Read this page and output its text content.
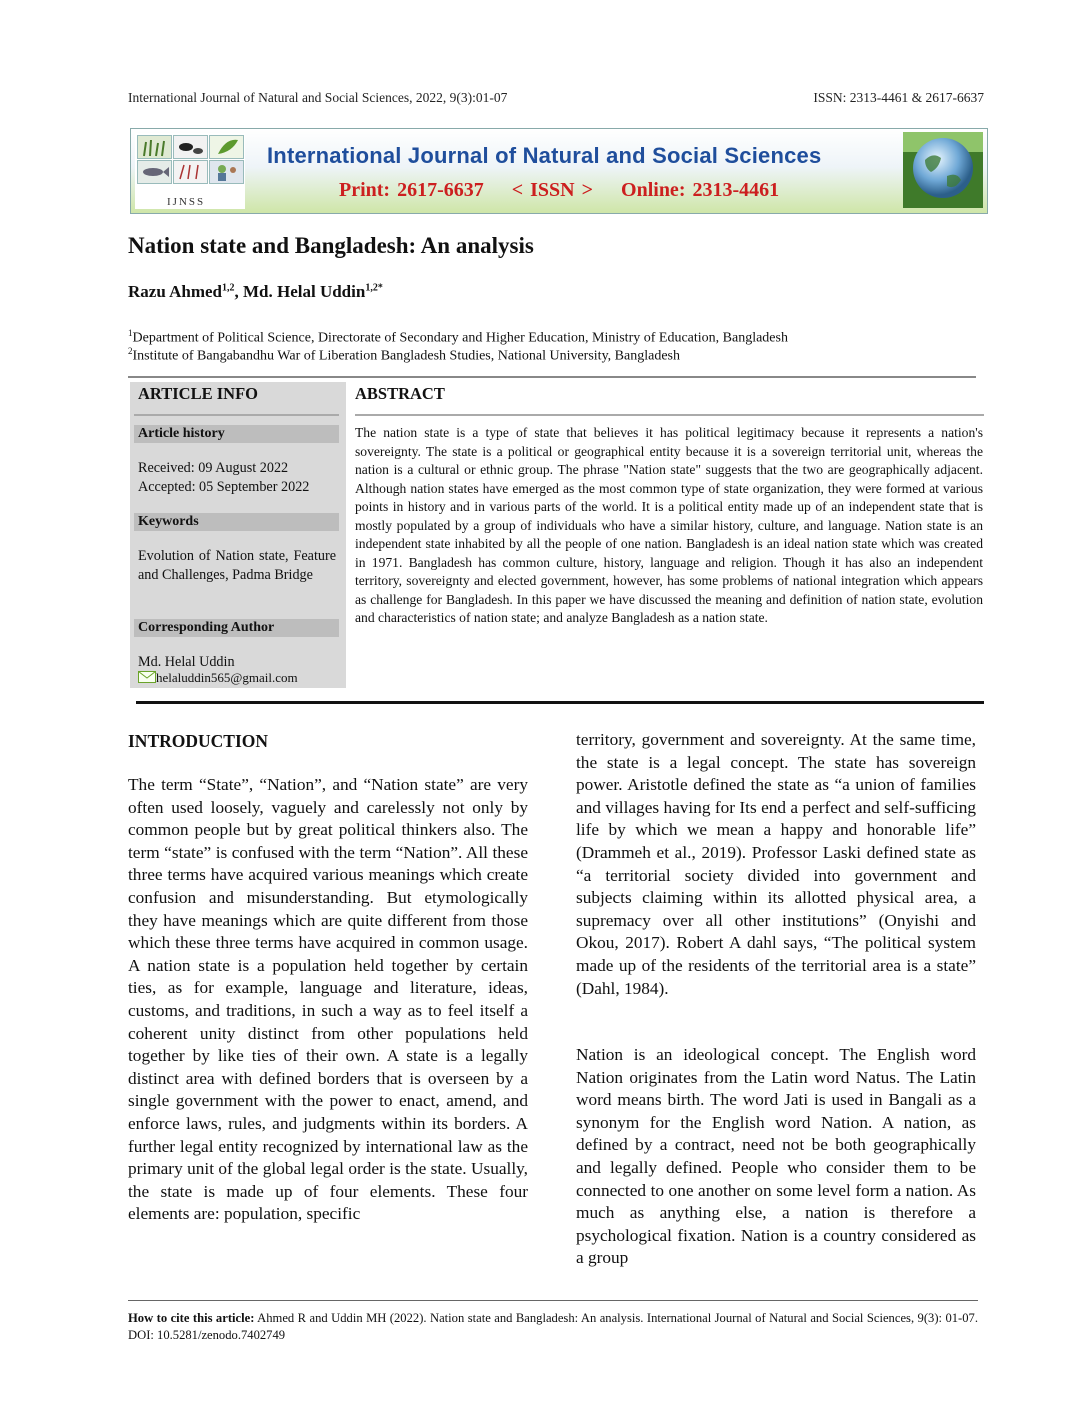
International Journal of Natural and Social Sciences, 2022, 9(3):01-07	ISSN: 2313-4461 & 2617-6637
IJNSS
International Journal of Natural and Social Sciences
Print: 2617-6637    < ISSN >    Online: 2313-4461
Nation state and Bangladesh: An analysis
Razu Ahmed$^{1,2}$, Md. Helal Uddin$^{1,2*}$
$^1$Department of Political Science, Directorate of Secondary and Higher Education, Ministry of Education, Bangladesh
$^2$Institute of Bangabandhu War of Liberation Bangladesh Studies, National University, Bangladesh
ARTICLE INFO
Article history
Received: 09 August 2022
Accepted: 05 September 2022
Keywords
Evolution of Nation state, Feature and Challenges, Padma Bridge
Corresponding Author
Md. Helal Uddin
helaluddin565@gmail.com
ABSTRACT
The nation state is a type of state that believes it has political legitimacy because it represents a nation's sovereignty. The state is a political or geographical entity because it is a sovereign territorial unit, whereas the nation is a cultural or ethnic group. The phrase "Nation state" suggests that the two are geographically adjacent. Although nation states have emerged as the most common type of state organization, they were formed at various points in history and in various parts of the world. It is a political entity made up of an independent state that is mostly populated by a group of individuals who have a similar history, culture, and language. Nation state is an independent state inhabited by all the people of one nation. Bangladesh is an ideal nation state which was created in 1971. Bangladesh has common culture, history, language and religion. Though it has also an independent territory, sovereignty and elected government, however, has some problems of national integration which appears as challenge for Bangladesh. In this paper we have discussed the meaning and definition of nation state, evolution and characteristics of nation state; and analyze Bangladesh as a nation state.
INTRODUCTION
The term “State”, “Nation”, and “Nation state” are very often used loosely, vaguely and carelessly not only by common people but by great political thinkers also. The term “state” is confused with the term “Nation”. All these three terms have acquired various meanings which create confusion and misunderstanding. But etymologically they have meanings which are quite different from those which these three terms have acquired in common usage. A nation state is a population held together by certain ties, as for example, language and literature, ideas, customs, and traditions, in such a way as to feel itself a coherent unity distinct from other populations held together by like ties of their own. A state is a legally distinct area with defined borders that is overseen by a single government with the power to enact, amend, and enforce laws, rules, and judgments within its borders. A further legal entity recognized by international law as the primary unit of the global legal order is the state. Usually, the state is made up of four elements. These four elements are: population, specific
territory, government and sovereignty. At the same time, the state is a legal concept. The state has sovereign power. Aristotle defined the state as “a union of families and villages having for Its end a perfect and self-sufficing life by which we mean a happy and honorable life” (Drammeh et al., 2019). Professor Laski defined state as “a territorial society divided into government and subjects claiming within its allotted physical area, a supremacy over all other institutions” (Onyishi and Okou, 2017). Robert A dahl says, “The political system made up of the residents of the territorial area is a state” (Dahl, 1984).
Nation is an ideological concept. The English word Nation originates from the Latin word Natus. The Latin word means birth. The word Jati is used in Bangali as a synonym for the English word Nation. A nation, as defined by a contract, need not be both geographically and legally defined. People who consider them to be connected to one another on some level form a nation. As much as anything else, a nation is therefore a psychological fixation. Nation is a country considered as a group
How to cite this article: Ahmed R and Uddin MH (2022). Nation state and Bangladesh: An analysis. International Journal of Natural and Social Sciences, 9(3): 01-07. DOI: 10.5281/zenodo.7402749
